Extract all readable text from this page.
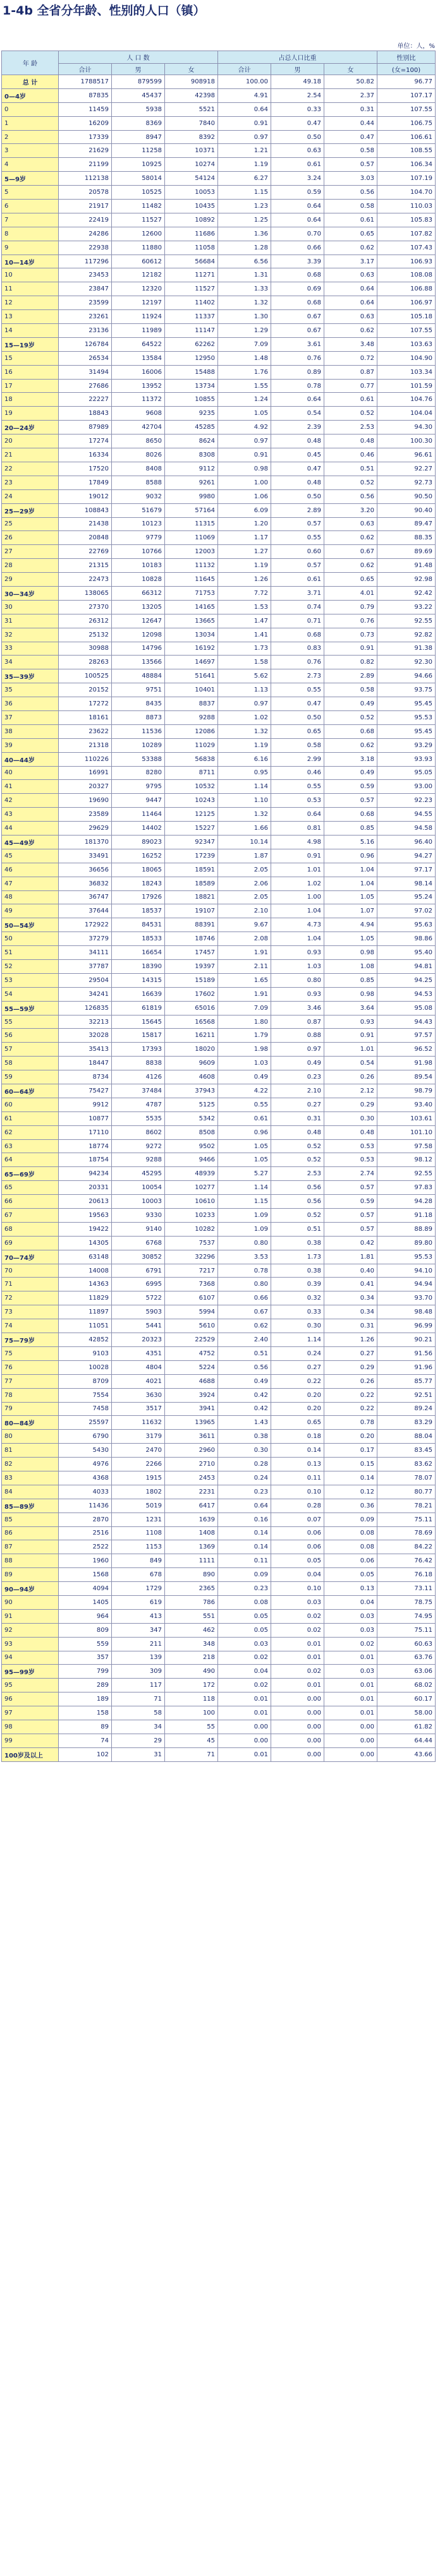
1-4b 全省分年龄、性别的人口（镇）
单位：人，%
年 龄	人 口 数			占总人口比重			性别比
	合计	男	女	合计	男	女	(女=100)
总 计	1788517	879599	908918	100.00	49.18	50.82	96.77
0—4岁	87835	45437	42398	4.91	2.54	2.37	107.17
0	11459	5938	5521	0.64	0.33	0.31	107.55
1	16209	8369	7840	0.91	0.47	0.44	106.75
2	17339	8947	8392	0.97	0.50	0.47	106.61
3	21629	11258	10371	1.21	0.63	0.58	108.55
4	21199	10925	10274	1.19	0.61	0.57	106.34
5—9岁	112138	58014	54124	6.27	3.24	3.03	107.19
5	20578	10525	10053	1.15	0.59	0.56	104.70
6	21917	11482	10435	1.23	0.64	0.58	110.03
7	22419	11527	10892	1.25	0.64	0.61	105.83
8	24286	12600	11686	1.36	0.70	0.65	107.82
9	22938	11880	11058	1.28	0.66	0.62	107.43
10—14岁	117296	60612	56684	6.56	3.39	3.17	106.93
10	23453	12182	11271	1.31	0.68	0.63	108.08
11	23847	12320	11527	1.33	0.69	0.64	106.88
12	23599	12197	11402	1.32	0.68	0.64	106.97
13	23261	11924	11337	1.30	0.67	0.63	105.18
14	23136	11989	11147	1.29	0.67	0.62	107.55
15—19岁	126784	64522	62262	7.09	3.61	3.48	103.63
15	26534	13584	12950	1.48	0.76	0.72	104.90
16	31494	16006	15488	1.76	0.89	0.87	103.34
17	27686	13952	13734	1.55	0.78	0.77	101.59
18	22227	11372	10855	1.24	0.64	0.61	104.76
19	18843	9608	9235	1.05	0.54	0.52	104.04
20—24岁	87989	42704	45285	4.92	2.39	2.53	94.30
20	17274	8650	8624	0.97	0.48	0.48	100.30
21	16334	8026	8308	0.91	0.45	0.46	96.61
22	17520	8408	9112	0.98	0.47	0.51	92.27
23	17849	8588	9261	1.00	0.48	0.52	92.73
24	19012	9032	9980	1.06	0.50	0.56	90.50
25—29岁	108843	51679	57164	6.09	2.89	3.20	90.40
25	21438	10123	11315	1.20	0.57	0.63	89.47
26	20848	9779	11069	1.17	0.55	0.62	88.35
27	22769	10766	12003	1.27	0.60	0.67	89.69
28	21315	10183	11132	1.19	0.57	0.62	91.48
29	22473	10828	11645	1.26	0.61	0.65	92.98
30—34岁	138065	66312	71753	7.72	3.71	4.01	92.42
30	27370	13205	14165	1.53	0.74	0.79	93.22
31	26312	12647	13665	1.47	0.71	0.76	92.55
32	25132	12098	13034	1.41	0.68	0.73	92.82
33	30988	14796	16192	1.73	0.83	0.91	91.38
34	28263	13566	14697	1.58	0.76	0.82	92.30
35—39岁	100525	48884	51641	5.62	2.73	2.89	94.66
35	20152	9751	10401	1.13	0.55	0.58	93.75
36	17272	8435	8837	0.97	0.47	0.49	95.45
37	18161	8873	9288	1.02	0.50	0.52	95.53
38	23622	11536	12086	1.32	0.65	0.68	95.45
39	21318	10289	11029	1.19	0.58	0.62	93.29
40—44岁	110226	53388	56838	6.16	2.99	3.18	93.93
40	16991	8280	8711	0.95	0.46	0.49	95.05
41	20327	9795	10532	1.14	0.55	0.59	93.00
42	19690	9447	10243	1.10	0.53	0.57	92.23
43	23589	11464	12125	1.32	0.64	0.68	94.55
44	29629	14402	15227	1.66	0.81	0.85	94.58
45—49岁	181370	89023	92347	10.14	4.98	5.16	96.40
45	33491	16252	17239	1.87	0.91	0.96	94.27
46	36656	18065	18591	2.05	1.01	1.04	97.17
47	36832	18243	18589	2.06	1.02	1.04	98.14
48	36747	17926	18821	2.05	1.00	1.05	95.24
49	37644	18537	19107	2.10	1.04	1.07	97.02
50—54岁	172922	84531	88391	9.67	4.73	4.94	95.63
50	37279	18533	18746	2.08	1.04	1.05	98.86
51	34111	16654	17457	1.91	0.93	0.98	95.40
52	37787	18390	19397	2.11	1.03	1.08	94.81
53	29504	14315	15189	1.65	0.80	0.85	94.25
54	34241	16639	17602	1.91	0.93	0.98	94.53
55—59岁	126835	61819	65016	7.09	3.46	3.64	95.08
55	32213	15645	16568	1.80	0.87	0.93	94.43
56	32028	15817	16211	1.79	0.88	0.91	97.57
57	35413	17393	18020	1.98	0.97	1.01	96.52
58	18447	8838	9609	1.03	0.49	0.54	91.98
59	8734	4126	4608	0.49	0.23	0.26	89.54
60—64岁	75427	37484	37943	4.22	2.10	2.12	98.79
60	9912	4787	5125	0.55	0.27	0.29	93.40
61	10877	5535	5342	0.61	0.31	0.30	103.61
62	17110	8602	8508	0.96	0.48	0.48	101.10
63	18774	9272	9502	1.05	0.52	0.53	97.58
64	18754	9288	9466	1.05	0.52	0.53	98.12
65—69岁	94234	45295	48939	5.27	2.53	2.74	92.55
65	20331	10054	10277	1.14	0.56	0.57	97.83
66	20613	10003	10610	1.15	0.56	0.59	94.28
67	19563	9330	10233	1.09	0.52	0.57	91.18
68	19422	9140	10282	1.09	0.51	0.57	88.89
69	14305	6768	7537	0.80	0.38	0.42	89.80
70—74岁	63148	30852	32296	3.53	1.73	1.81	95.53
70	14008	6791	7217	0.78	0.38	0.40	94.10
71	14363	6995	7368	0.80	0.39	0.41	94.94
72	11829	5722	6107	0.66	0.32	0.34	93.70
73	11897	5903	5994	0.67	0.33	0.34	98.48
74	11051	5441	5610	0.62	0.30	0.31	96.99
75—79岁	42852	20323	22529	2.40	1.14	1.26	90.21
75	9103	4351	4752	0.51	0.24	0.27	91.56
76	10028	4804	5224	0.56	0.27	0.29	91.96
77	8709	4021	4688	0.49	0.22	0.26	85.77
78	7554	3630	3924	0.42	0.20	0.22	92.51
79	7458	3517	3941	0.42	0.20	0.22	89.24
80—84岁	25597	11632	13965	1.43	0.65	0.78	83.29
80	6790	3179	3611	0.38	0.18	0.20	88.04
81	5430	2470	2960	0.30	0.14	0.17	83.45
82	4976	2266	2710	0.28	0.13	0.15	83.62
83	4368	1915	2453	0.24	0.11	0.14	78.07
84	4033	1802	2231	0.23	0.10	0.12	80.77
85—89岁	11436	5019	6417	0.64	0.28	0.36	78.21
85	2870	1231	1639	0.16	0.07	0.09	75.11
86	2516	1108	1408	0.14	0.06	0.08	78.69
87	2522	1153	1369	0.14	0.06	0.08	84.22
88	1960	849	1111	0.11	0.05	0.06	76.42
89	1568	678	890	0.09	0.04	0.05	76.18
90—94岁	4094	1729	2365	0.23	0.10	0.13	73.11
90	1405	619	786	0.08	0.03	0.04	78.75
91	964	413	551	0.05	0.02	0.03	74.95
92	809	347	462	0.05	0.02	0.03	75.11
93	559	211	348	0.03	0.01	0.02	60.63
94	357	139	218	0.02	0.01	0.01	63.76
95—99岁	799	309	490	0.04	0.02	0.03	63.06
95	289	117	172	0.02	0.01	0.01	68.02
96	189	71	118	0.01	0.00	0.01	60.17
97	158	58	100	0.01	0.00	0.01	58.00
98	89	34	55	0.00	0.00	0.00	61.82
99	74	29	45	0.00	0.00	0.00	64.44
100岁及以上	102	31	71	0.01	0.00	0.00	43.66
